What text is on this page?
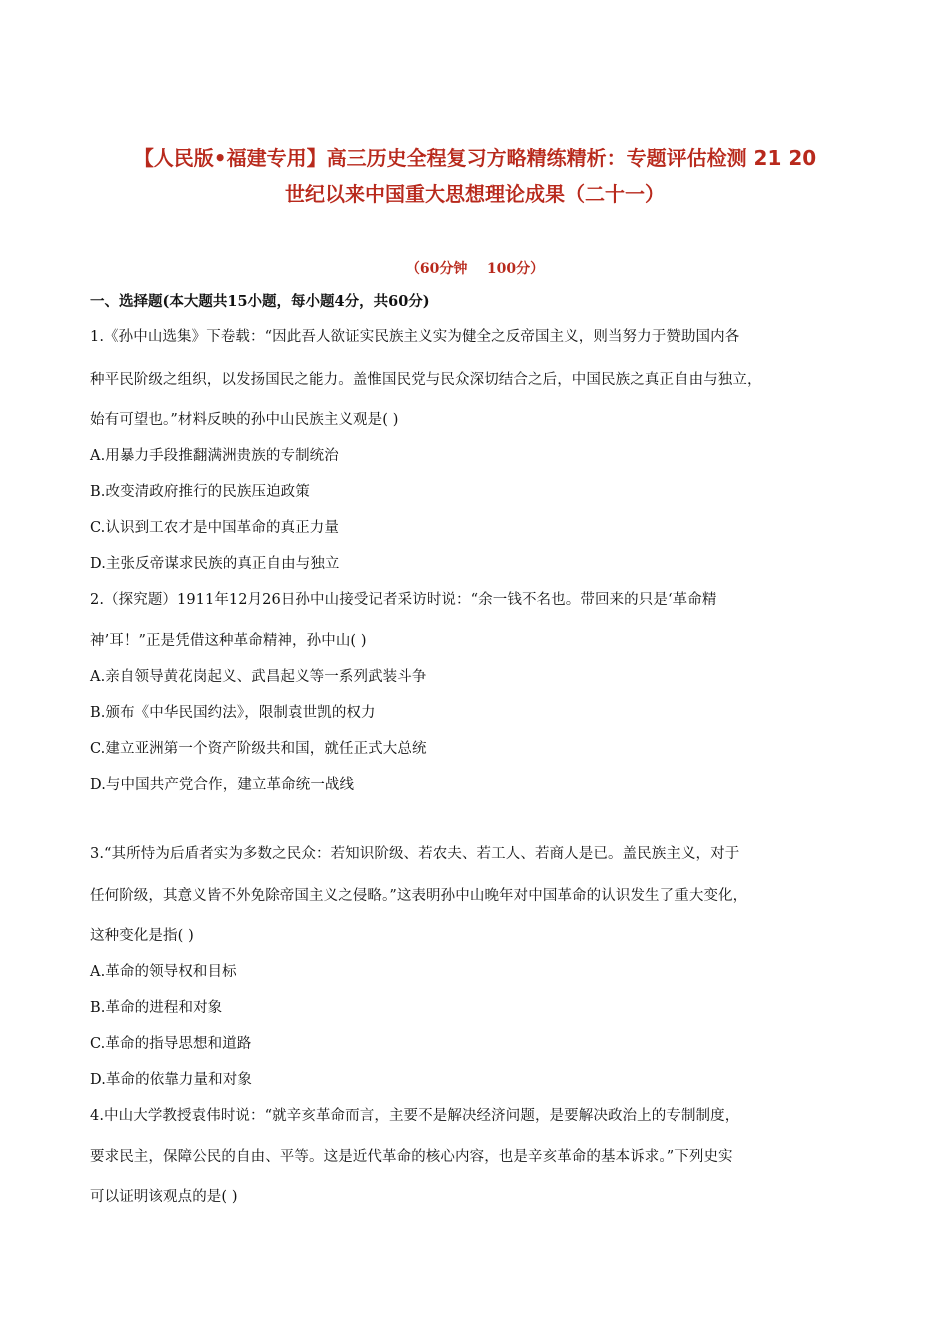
【人民版•福建专用】高三历史全程复习方略精练精析：专题评估检测 21 20
世纪以来中国重大思想理论成果（二十一）
（60分钟    100分）
一、选择题(本大题共15小题，每小题4分，共60分)
1.《孙中山选集》下卷载：“因此吾人欲证实民族主义实为健全之反帝国主义，则当努力于赞助国内各
种平民阶级之组织，以发扬国民之能力。盖惟国民党与民众深切结合之后，中国民族之真正自由与独立，
始有可望也。”材料反映的孙中山民族主义观是( )
A.用暴力手段推翻满洲贵族的专制统治
B.改变清政府推行的民族压迫政策
C.认识到工农才是中国革命的真正力量
D.主张反帝谋求民族的真正自由与独立
2.（探究题）1911年12月26日孙中山接受记者采访时说：“余一钱不名也。带回来的只是‘革命精
神’耳！”正是凭借这种革命精神，孙中山( )
A.亲自领导黄花岗起义、武昌起义等一系列武装斗争
B.颁布《中华民国约法》，限制袁世凯的权力
C.建立亚洲第一个资产阶级共和国，就任正式大总统
D.与中国共产党合作，建立革命统一战线
3.“其所恃为后盾者实为多数之民众：若知识阶级、若农夫、若工人、若商人是已。盖民族主义，对于
任何阶级，其意义皆不外免除帝国主义之侵略。”这表明孙中山晚年对中国革命的认识发生了重大变化，
这种变化是指( )
A.革命的领导权和目标
B.革命的进程和对象
C.革命的指导思想和道路
D.革命的依靠力量和对象
4.中山大学教授袁伟时说：“就辛亥革命而言，主要不是解决经济问题，是要解决政治上的专制制度，
要求民主，保障公民的自由、平等。这是近代革命的核心内容，也是辛亥革命的基本诉求。”下列史实
可以证明该观点的是( )
